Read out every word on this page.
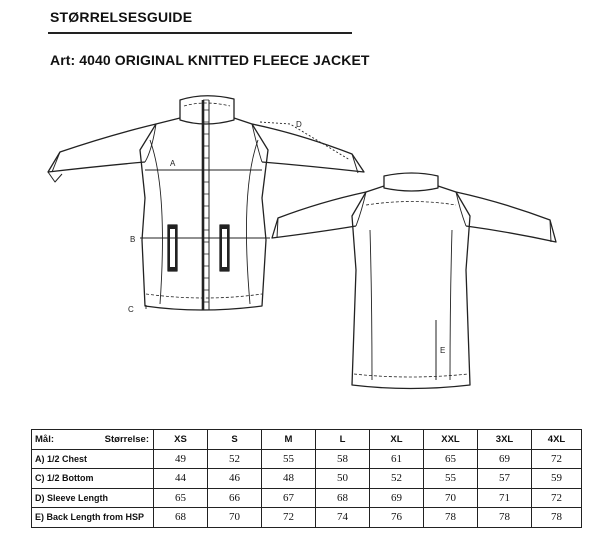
STØRRELSESGUIDE
Art: 4040 ORIGINAL KNITTED FLEECE JACKET
A
B
C
D
E
Mål: Størrelse:	XS	S	M	L	XL	XXL	3XL	4XL
A) 1/2 Chest	49	52	55	58	61	65	69	72
C) 1/2 Bottom	44	46	48	50	52	55	57	59
D) Sleeve Length	65	66	67	68	69	70	71	72
E) Back Length from HSP	68	70	72	74	76	78	78	78
